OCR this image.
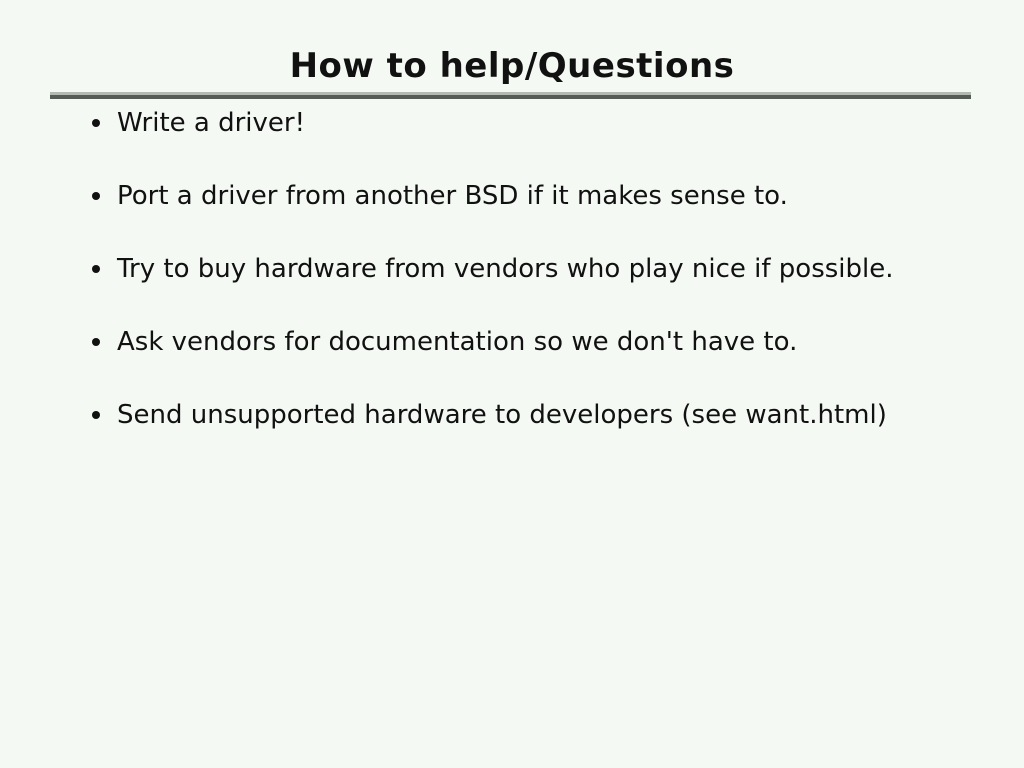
How to help/Questions
Write a driver!
Port a driver from another BSD if it makes sense to.
Try to buy hardware from vendors who play nice if possible.
Ask vendors for documentation so we don't have to.
Send unsupported hardware to developers (see want.html)
